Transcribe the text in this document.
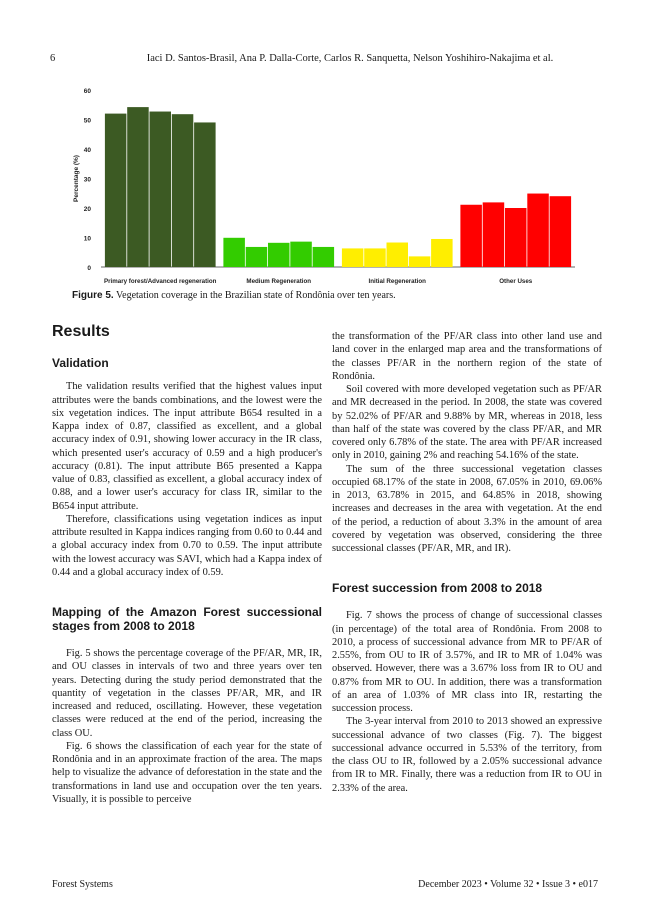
6	Iaci D. Santos-Brasil, Ana P. Dalla-Corte, Carlos R. Sanquetta, Nelson Yoshihiro-Nakajima et al.
0
10
20
30
40
50
60
Percentage (%)
Primary forest/Advanced regeneration	Medium Regeneration	Initial Regeneration	Other Uses
Figure 5. Vegetation coverage in the Brazilian state of Rondônia over ten years.
Results
Validation

The validation results verified that the highest values input attributes were the bands combinations, and the lowest were the six vegetation indices. The input attribute B654 resulted in a Kappa index of 0.87, classified as excellent, and a global accuracy index of 0.91, showing lower accuracy in the IR class, which presented user's accuracy of 0.59 and a high producer's accuracy (0.81). The input attribute B65 presented a Kappa value of 0.83, classified as excellent, a global accuracy index of 0.88, and a lower user's accuracy for class IR, similar to the B654 input attribute.

Therefore, classifications using vegetation indices as input attribute resulted in Kappa indices ranging from 0.60 to 0.44 and a global accuracy index from 0.70 to 0.59. The input attribute with the lowest accuracy was SAVI, which had a Kappa index of 0.44 and a global accuracy index of 0.59.

Mapping of the Amazon Forest successional stages from 2008 to 2018

Fig. 5 shows the percentage coverage of the PF/AR, MR, IR, and OU classes in intervals of two and three years over ten years. Detecting during the study period demonstrated that the quantity of vegetation in the classes PF/AR, MR, and IR increased and reduced, oscillating. However, these vegetation classes were reduced at the end of the period, increasing the class OU.

Fig. 6 shows the classification of each year for the state of Rondônia and in an approximate fraction of the area. The maps help to visualize the advance of deforestation in the state and the transformations in land use and occupation over the ten years. Visually, it is possible to perceive

the transformation of the PF/AR class into other land use and land cover in the enlarged map area and the transformations of the classes PF/AR in the northern region of the state of Rondônia.

Soil covered with more developed vegetation such as PF/AR and MR decreased in the period. In 2008, the state was covered by 52.02% of PF/AR and 9.88% by MR, whereas in 2018, less than half of the state was covered by the class PF/AR, and MR covered only 6.78% of the state. The area with PF/AR increased only in 2010, gaining 2% and reaching 54.16% of the state.

The sum of the three successional vegetation classes occupied 68.17% of the state in 2008, 67.05% in 2010, 69.06% in 2013, 63.78% in 2015, and 64.85% in 2018, showing increases and decreases in the area with vegetation. At the end of the period, a reduction of about 3.3% in the amount of area covered by vegetation was observed, considering the three successional classes (PF/AR, MR, and IR).

Forest succession from 2008 to 2018

Fig. 7 shows the process of change of successional classes (in percentage) of the total area of Rondônia. From 2008 to 2010, a process of successional advance from MR to PF/AR of 2.55%, from OU to IR of 3.57%, and IR to MR of 1.04% was observed. However, there was a 3.67% loss from IR to OU and 0.87% from MR to OU. In addition, there was a transformation of an area of 1.03% of MR class into IR, restarting the succession process.

The 3-year interval from 2010 to 2013 showed an expressive successional advance of two classes (Fig. 7). The biggest successional advance occurred in 5.53% of the territory, from the class OU to IR, followed by a 2.05% successional advance from IR to MR. Finally, there was a reduction from IR to OU in 2.33% of the area.

Forest Systems	December 2023 • Volume 32 • Issue 3 • e017
